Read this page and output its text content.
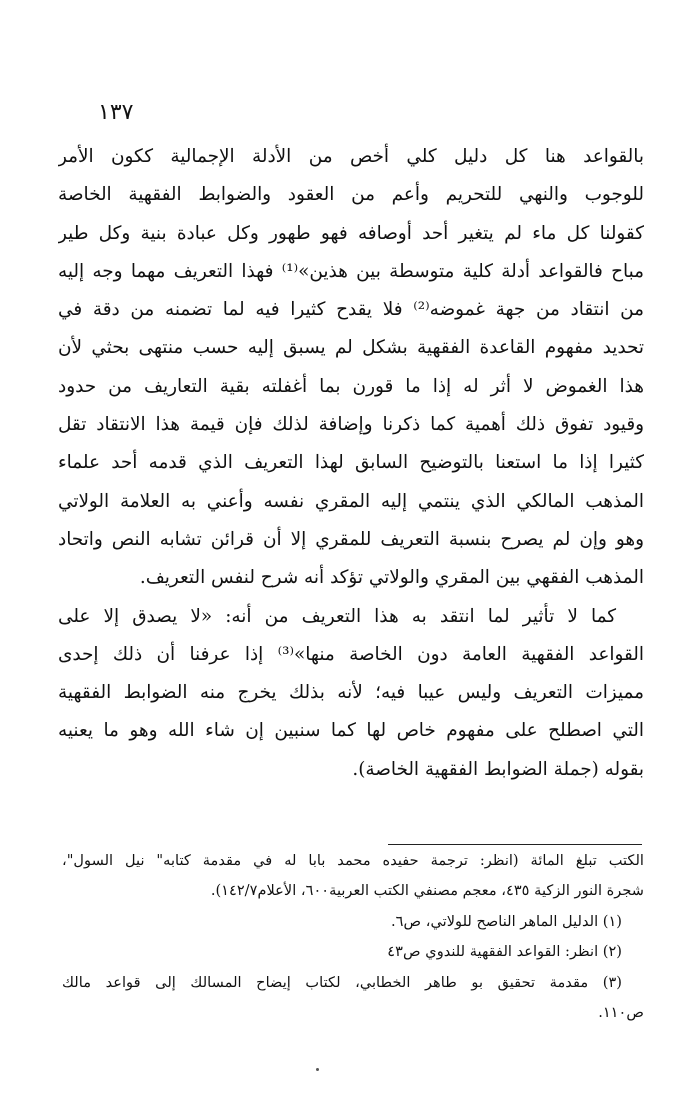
١٣٧
بالقواعد هنا كل دليل كلي أخص من الأدلة الإجمالية ككون الأمر
للوجوب والنهي للتحريم وأعم من العقود والضوابط الفقهية الخاصة
كقولنا كل ماء لم يتغير أحد أوصافه فهو طهور وكل عبادة بنية وكل طير
مباح فالقواعد أدلة كلية متوسطة بين هذين»⁽¹⁾ فهذا التعريف مهما وجه إليه
من انتقاد من جهة غموضه⁽²⁾ فلا يقدح كثيرا فيه لما تضمنه من دقة في
تحديد مفهوم القاعدة الفقهية بشكل لم يسبق إليه حسب منتهى بحثي لأن
هذا الغموض لا أثر له إذا ما قورن بما أغفلته بقية التعاريف من حدود
وقيود تفوق ذلك أهمية كما ذكرنا وإضافة لذلك فإن قيمة هذا الانتقاد تقل
كثيرا إذا ما استعنا بالتوضيح السابق لهذا التعريف الذي قدمه أحد علماء
المذهب المالكي الذي ينتمي إليه المقري نفسه وأعني به العلامة الولاتي
وهو وإن لم يصرح بنسبة التعريف للمقري إلا أن قرائن تشابه النص واتحاد
المذهب الفقهي بين المقري والولاتي تؤكد أنه شرح لنفس التعريف.
كما لا تأثير لما انتقد به هذا التعريف من أنه: «لا يصدق إلا على
القواعد الفقهية العامة دون الخاصة منها»⁽³⁾ إذا عرفنا أن ذلك إحدى
مميزات التعريف وليس عيبا فيه؛ لأنه بذلك يخرج منه الضوابط الفقهية
التي اصطلح على مفهوم خاص لها كما سنبين إن شاء الله وهو ما يعنيه
بقوله (جملة الضوابط الفقهية الخاصة).
الكتب تبلغ المائة (انظر: ترجمة حفيده محمد بابا له في مقدمة كتابه" نيل السول"،
شجرة النور الزكية ٤٣٥، معجم مصنفي الكتب العربية٦٠٠، الأعلام١٤٢/٧).
(١) الدليل الماهر الناصح للولاتي، ص٦.
(٢) انظر: القواعد الفقهية للندوي ص٤٣
(٣) مقدمة تحقيق بو طاهر الخطابي، لكتاب إيضاح المسالك إلى قواعد مالك
ص١١٠.
